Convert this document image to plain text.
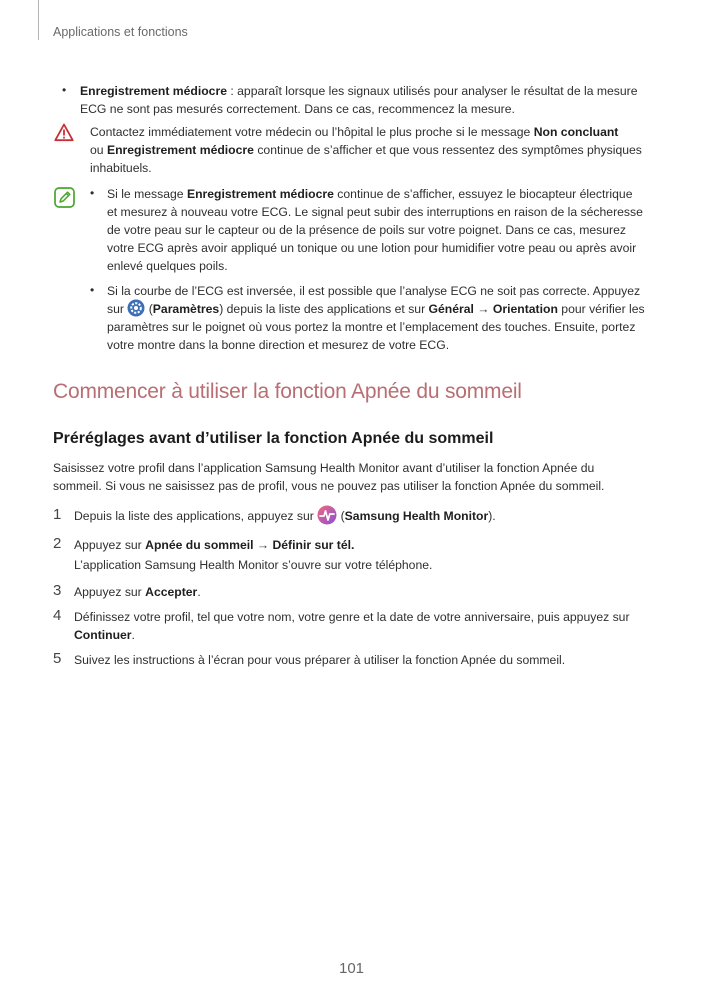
Applications et fonctions
• Enregistrement médiocre : apparaît lorsque les signaux utilisés pour analyser le résultat de la mesure
ECG ne sont pas mesurés correctement. Dans ce cas, recommencez la mesure.
Contactez immédiatement votre médecin ou l’hôpital le plus proche si le message Non concluant
ou Enregistrement médiocre continue de s’afficher et que vous ressentez des symptômes physiques
inhabituels.
• Si le message Enregistrement médiocre continue de s’afficher, essuyez le biocapteur électrique
et mesurez à nouveau votre ECG. Le signal peut subir des interruptions en raison de la sécheresse
de votre peau sur le capteur ou de la présence de poils sur votre poignet. Dans ce cas, mesurez
votre ECG après avoir appliqué un tonique ou une lotion pour humidifier votre peau ou après avoir
enlevé quelques poils.
• Si la courbe de l’ECG est inversée, il est possible que l’analyse ECG ne soit pas correcte. Appuyez
sur  (Paramètres) depuis la liste des applications et sur Général → Orientation pour vérifier les
paramètres sur le poignet où vous portez la montre et l’emplacement des touches. Ensuite, portez
votre montre dans la bonne direction et mesurez de votre ECG.
Commencer à utiliser la fonction Apnée du sommeil
Préréglages avant d’utiliser la fonction Apnée du sommeil
Saisissez votre profil dans l’application Samsung Health Monitor avant d’utiliser la fonction Apnée du
sommeil. Si vous ne saisissez pas de profil, vous ne pouvez pas utiliser la fonction Apnée du sommeil.
1 Depuis la liste des applications, appuyez sur  (Samsung Health Monitor).
2 Appuyez sur Apnée du sommeil → Définir sur tél.
L’application Samsung Health Monitor s’ouvre sur votre téléphone.
3 Appuyez sur Accepter.
4 Définissez votre profil, tel que votre nom, votre genre et la date de votre anniversaire, puis appuyez sur
Continuer.
5 Suivez les instructions à l’écran pour vous préparer à utiliser la fonction Apnée du sommeil.
101
